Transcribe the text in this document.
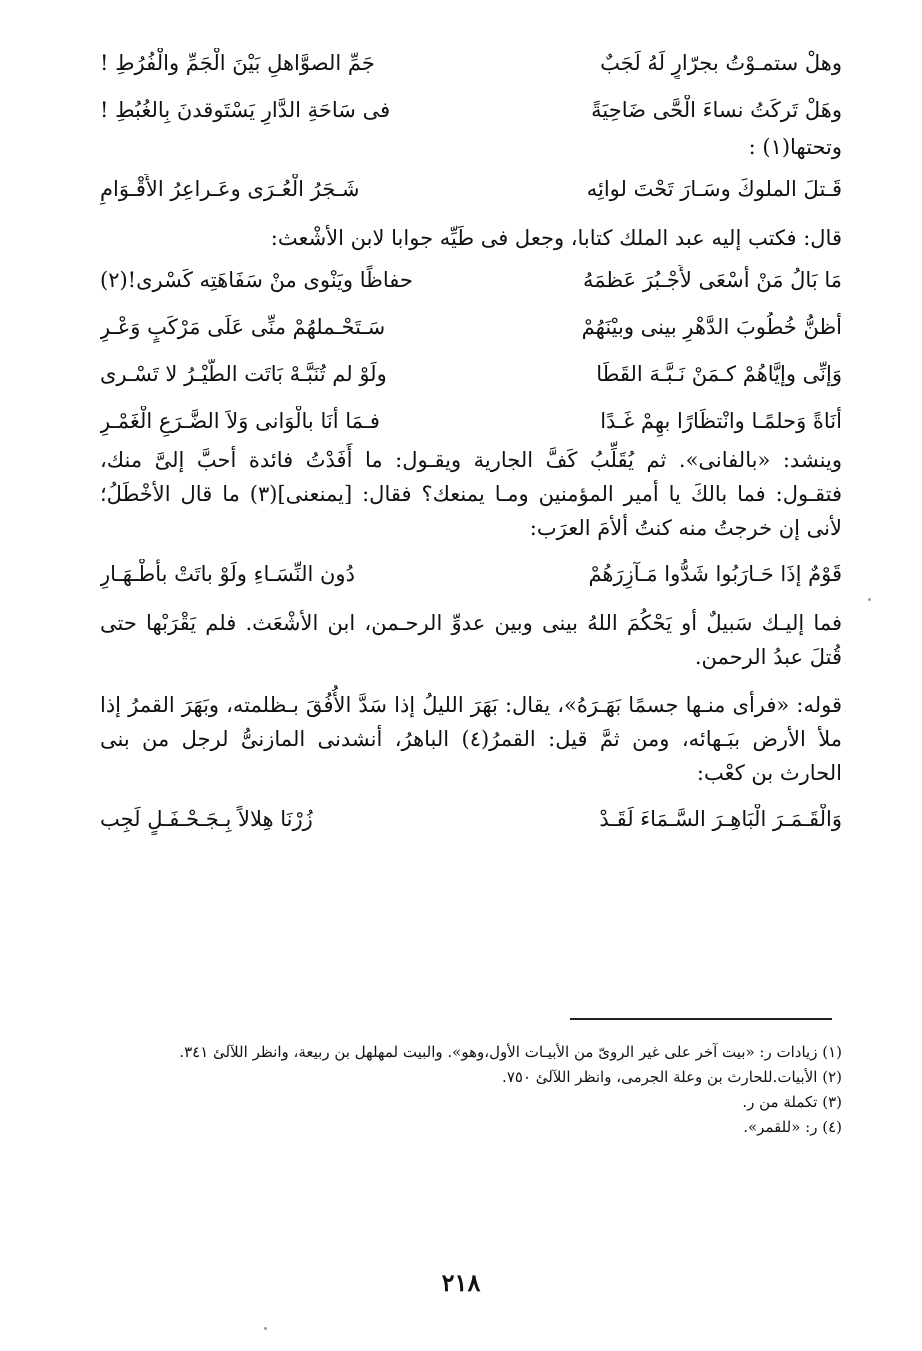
وهلْ ستمـوْتُ بجرّارٍ لَهُ لَجَبٌ
جَمِّ الصوَّاهلِ بَيْنَ الْجَمِّ والْفُرُطِ !
وهَلْ تَركَتُ نساءَ الْحَّى ضَاحِيَةً
فى سَاحَةِ الدَّارِ يَسْتَوقدنَ بِالغُبُطِ !

وتحتها(١) :

قَـتلَ الملوكَ وسَـارَ تَحْتَ لوائِه
شَـجَرُ الْعُـرَى وعَـراعِرُ الأَقْـوَامِ

قال: فكتب إليه عبد الملك كتابا، وجعل فى طَيِّه جوابا لابن الأشْعث:

مَا بَالُ مَنْ أسْعَى لأَجْـبُرَ عَظمَهُ
حفاظًا ويَنْوى منْ سَفَاهَتِه كَسْرى!(٢)
أظنُّ خُطُوبَ الدَّهْرِ بينى وبيْنَهُمْ
سَـتَحْـملهُمْ منِّى عَلَى مَرْكَبٍ وَعْـرِ
وَإنِّى وإيَّاهُمْ كـمَنْ نَـبَّـهَ القَطَا
ولَوْ لم تُنَبَّـهْ بَاتَت الطَّيْـرُ لا تَسْـرى
أنَاةً وَحلمًـا وانْتظَارًا بهِمْ غَـدًا
فـمَا أنَا بالْوَانى وَلاَ الضَّـرَعِ الْغَمْـرِ

وينشد: «بالفانى». ثم يُقَلِّبُ كَفَّ الجارية ويقـول: ما أَفَدْتُ فائدة أحبَّ إلىَّ منك، فتقـول: فما بالكَ يا أمير المؤمنين ومـا يمنعك؟ فقال: [يمنعنى](٣) ما قال الأخْطَلُ؛ لأنى إن خرجتُ منه كنتُ ألأمَ العرَب:

قَوْمٌ إذَا حَـارَبُوا شَدُّوا مَـآزِرَهُمْ
دُون النِّسَـاءِ ولَوْ باتَتْ بأَطْـهَـارِ

فما إليـك سَبيلٌ أو يَحْكُمَ اللهُ بينى وبين عدوِّ الرحـمن، ابن الأشْعَث. فلم يَقْرَبْها حتى قُتلَ عبدُ الرحمن.

قوله: «فرأى منـها جسمًا بَهَـرَهُ»، يقال: بَهَرَ الليلُ إذا سَدَّ الأُفُقَ بـظلمته، وبَهَرَ القمرُ إذا ملأ الأرض ببَـهائه، ومن ثمَّ قيل: القمرُ(٤) الباهرُ، أنشدنى المازنىُّ لرجل من بنى الحارث بن كعْب:

وَالْقَـمَـرَ الْبَاهِـرَ السَّـمَاءَ لَقَـدْ
زُرْنَا هِلالاً بِـجَـحْـفَـلٍ لَجِب

(١) زيادات ر: «بيت آخر على غير الروىّ من الأبيـات الأول،وهو». والبيت لمهلهل بن ربيعة، وانظر اللآلئ ٣٤١.

(٢) الأبيات.للحارث بن وعلة الجرمى، وانظر اللآلئ ٧٥٠.

(٣) تكملة من ر.

(٤) ر: «للقمر».

٢١٨
